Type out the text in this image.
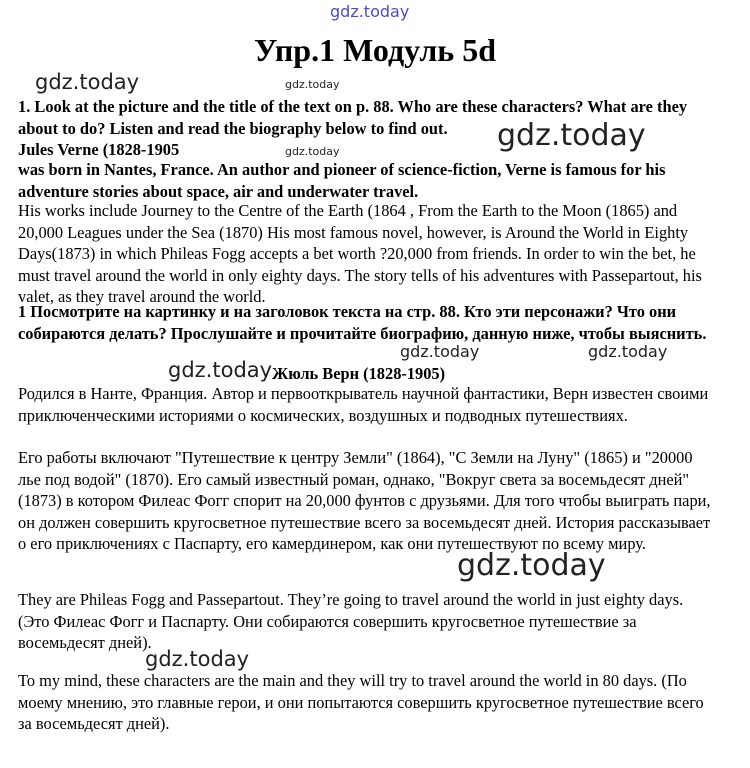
gdz.today
Упр.1 Модуль 5d
gdz.today	gdz.today

1. Look at the picture and the title of the text on p. 88. Who are these characters? What are they about to do? Listen and read the biography below to find out.	gdz.today

Jules Verne (1828-1905	gdz.today

was born in Nantes, France. An author and pioneer of science-fiction, Verne is famous for his adventure stories about space, air and underwater travel.

His works include Journey to the Centre of the Earth (1864 , From the Earth to the Moon (1865) and 20,000 Leagues under the Sea (1870) His most famous novel, however, is Around the World in Eighty Days(1873) in which Phileas Fogg accepts a bet worth ?20,000 from friends. In order to win the bet, he must travel around the world in only eighty days. The story tells of his adventures with Passepartout, his valet, as they travel around the world.

1 Посмотрите на картинку и на заголовок текста на стр. 88. Кто эти персонажи? Что они собираются делать? Прослушайте и прочитайте биографию, данную ниже, чтобы выяснить.

gdz.today	gdz.today
gdz.today Жюль Верн (1828-1905)

Родился в Нанте, Франция. Автор и первооткрыватель научной фантастики, Верн известен своими приключенческими историями о космических, воздушных и подводных путешествиях.

Его работы включают "Путешествие к центру Земли" (1864), "С Земли на Луну" (1865) и "20000 лье под водой" (1870). Его самый известный роман, однако, "Вокруг света за восемьдесят дней" (1873) в котором Филеас Фогг спорит на 20,000 фунтов с друзьями. Для того чтобы выиграть пари, он должен совершить кругосветное путешествие всего за восемьдесят дней. История рассказывает о его приключениях с Паспарту, его камердинером, как они путешествуют по всему миру.

gdz.today

They are Phileas Fogg and Passepartout. They’re going to travel around the world in just eighty days. (Это Филеас Фогг и Паспарту. Они собираются совершить кругосветное путешествие за восемьдесят дней).

gdz.today

To my mind, these characters are the main and they will try to travel around the world in 80 days. (По моему мнению, это главные герои, и они попытаются совершить кругосветное путешествие всего за восемьдесят дней).
